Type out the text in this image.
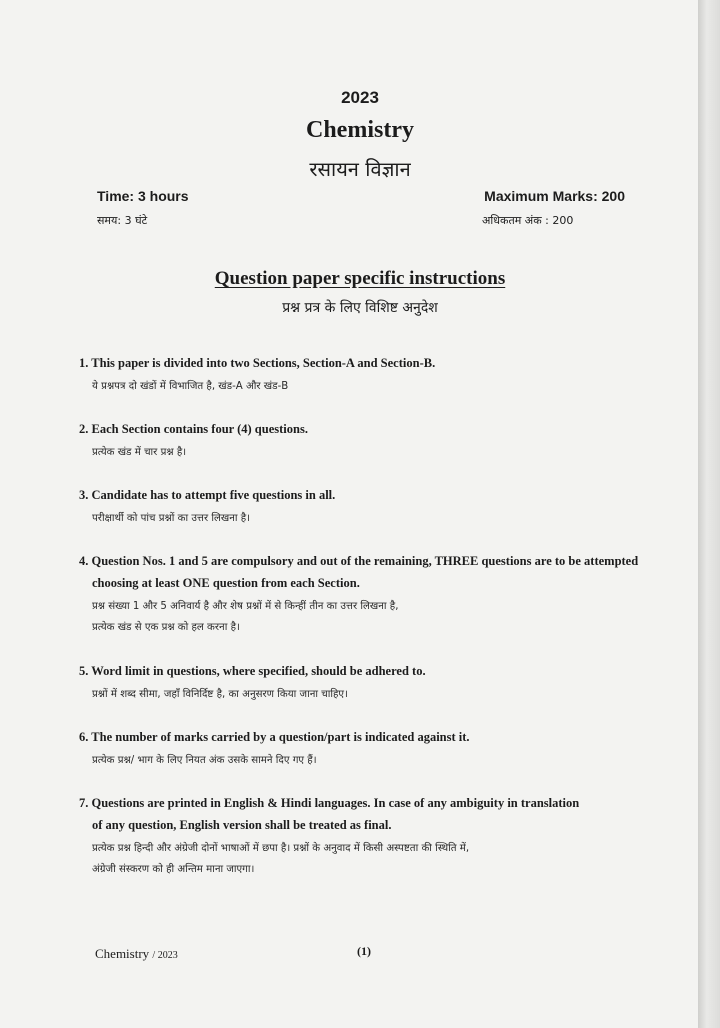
2023
Chemistry
रसायन विज्ञान
Time: 3 hours
समय: 3 घंटे
Maximum Marks: 200
अधिकतम अंक : 200
Question paper specific instructions
प्रश्न प्रत्र के लिए विशिष्ट अनुदेश
1. This paper is divided into two Sections, Section-A and Section-B.
ये प्रश्नपत्र दो खंडों में विभाजित है, खंड-A और खंड-B
2. Each Section contains four (4) questions.
प्रत्येक खंड में चार प्रश्न है।
3. Candidate has to attempt five questions in all.
परीक्षार्थी को पांच प्रश्नों का उत्तर लिखना है।
4. Question Nos. 1 and 5 are compulsory and out of the remaining, THREE questions are to be attempted
choosing at least ONE question from each Section.
प्रश्न संख्या 1 और 5 अनिवार्य है और शेष प्रश्नों में से किन्हीं तीन का उत्तर लिखना है,
प्रत्येक खंड से एक प्रश्न को हल करना है।
5. Word limit in questions, where specified, should be adhered to.
प्रश्नों में शब्द सीमा, जहाँ विनिर्दिष्ट है, का अनुसरण किया जाना चाहिए।
6. The number of marks carried by a question/part is indicated against it.
प्रत्येक प्रश्न/ भाग के लिए नियत अंक उसके सामने दिए गए हैं।
7. Questions are printed in English & Hindi languages. In case of any ambiguity in translation
of any question, English version shall be treated as final.
प्रत्येक प्रश्न हिन्दी और अंग्रेजी दोनों भाषाओं में छपा है। प्रश्नों के अनुवाद में किसी अस्पष्टता की स्थिति में,
अंग्रेजी संस्करण को ही अन्तिम माना जाएगा।
Chemistry / 2023	(1)
